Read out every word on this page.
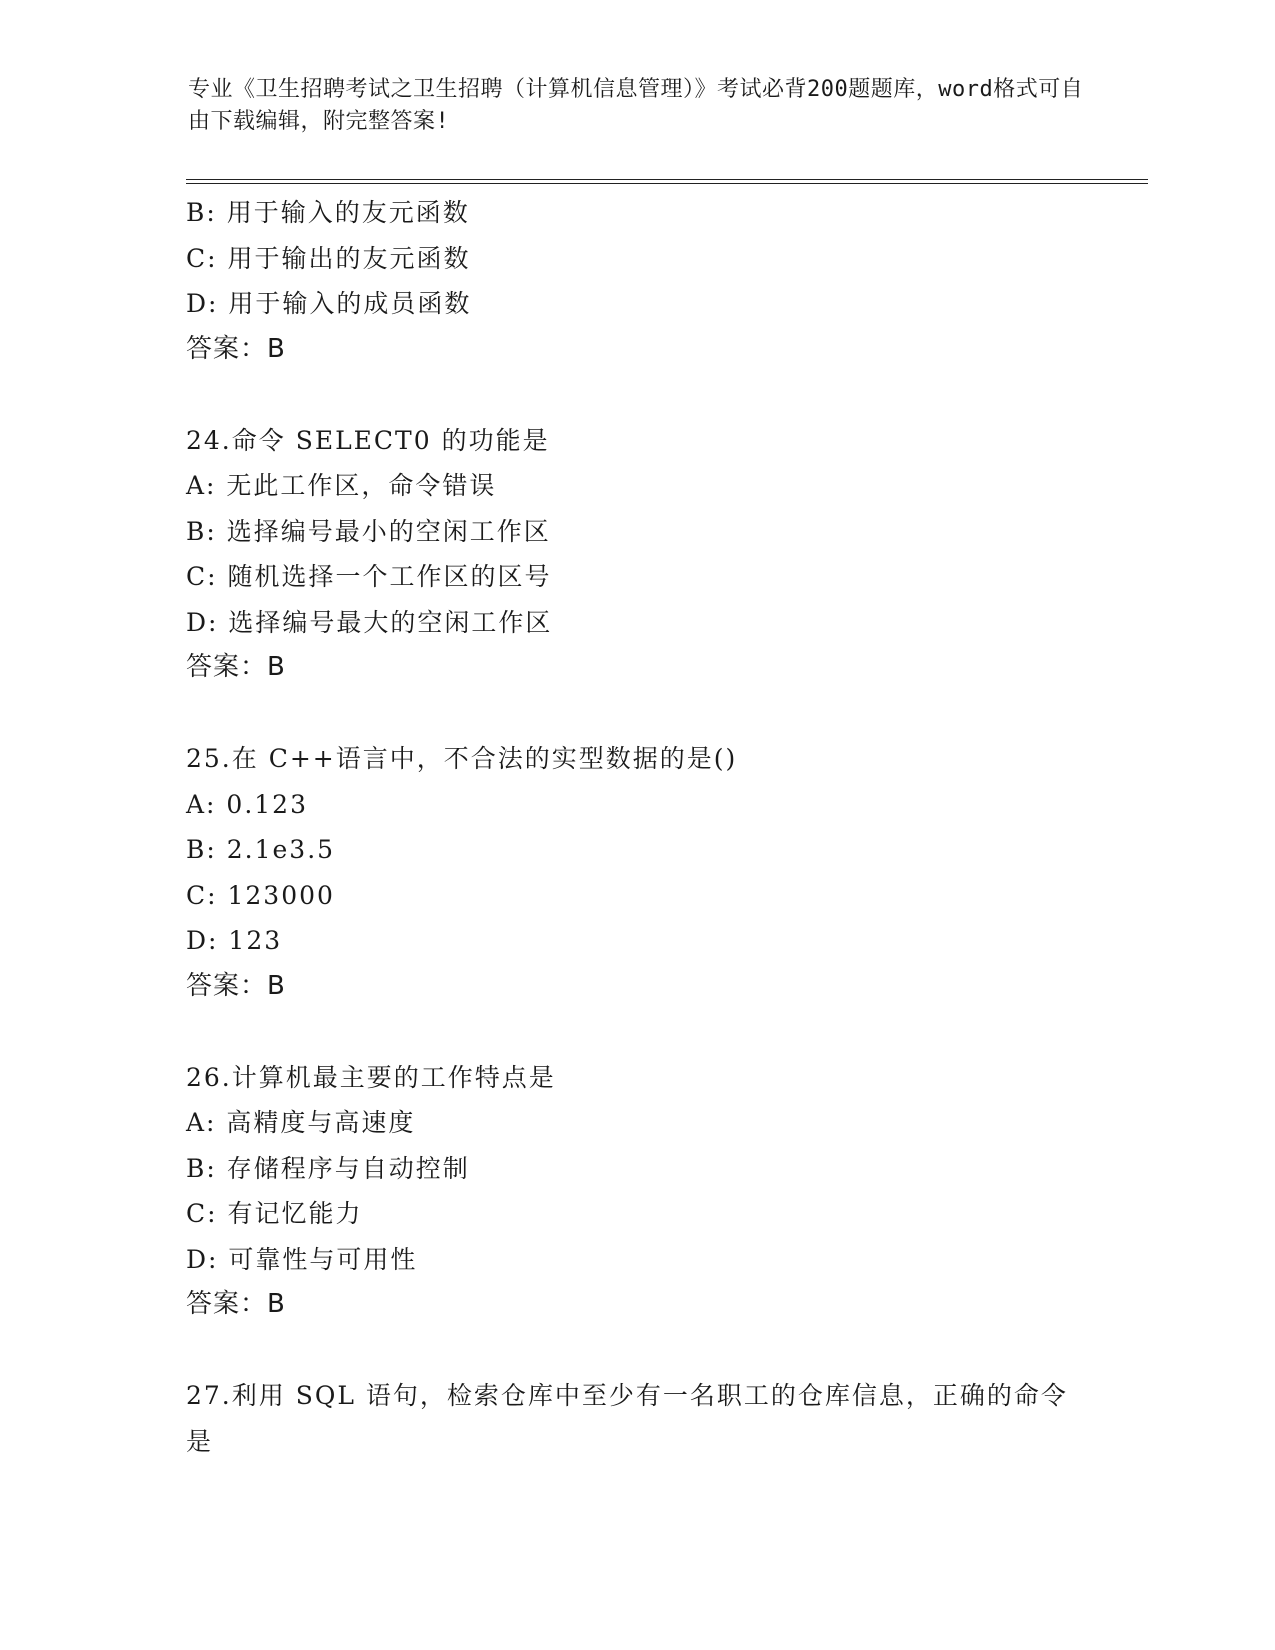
专业《卫生招聘考试之卫生招聘（计算机信息管理）》考试必背200题题库，word格式可自由下载编辑，附完整答案!
B: 用于输入的友元函数
C: 用于输出的友元函数
D: 用于输入的成员函数
答案：B
24.命令 SELECT0 的功能是
A: 无此工作区，命令错误
B: 选择编号最小的空闲工作区
C: 随机选择一个工作区的区号
D: 选择编号最大的空闲工作区
答案：B
25.在 C++语言中，不合法的实型数据的是()
A: 0.123
B: 2.1e3.5
C: 123000
D: 123
答案：B
26.计算机最主要的工作特点是
A: 高精度与高速度
B: 存储程序与自动控制
C: 有记忆能力
D: 可靠性与可用性
答案：B
27.利用 SQL 语句，检索仓库中至少有一名职工的仓库信息，正确的命令是
